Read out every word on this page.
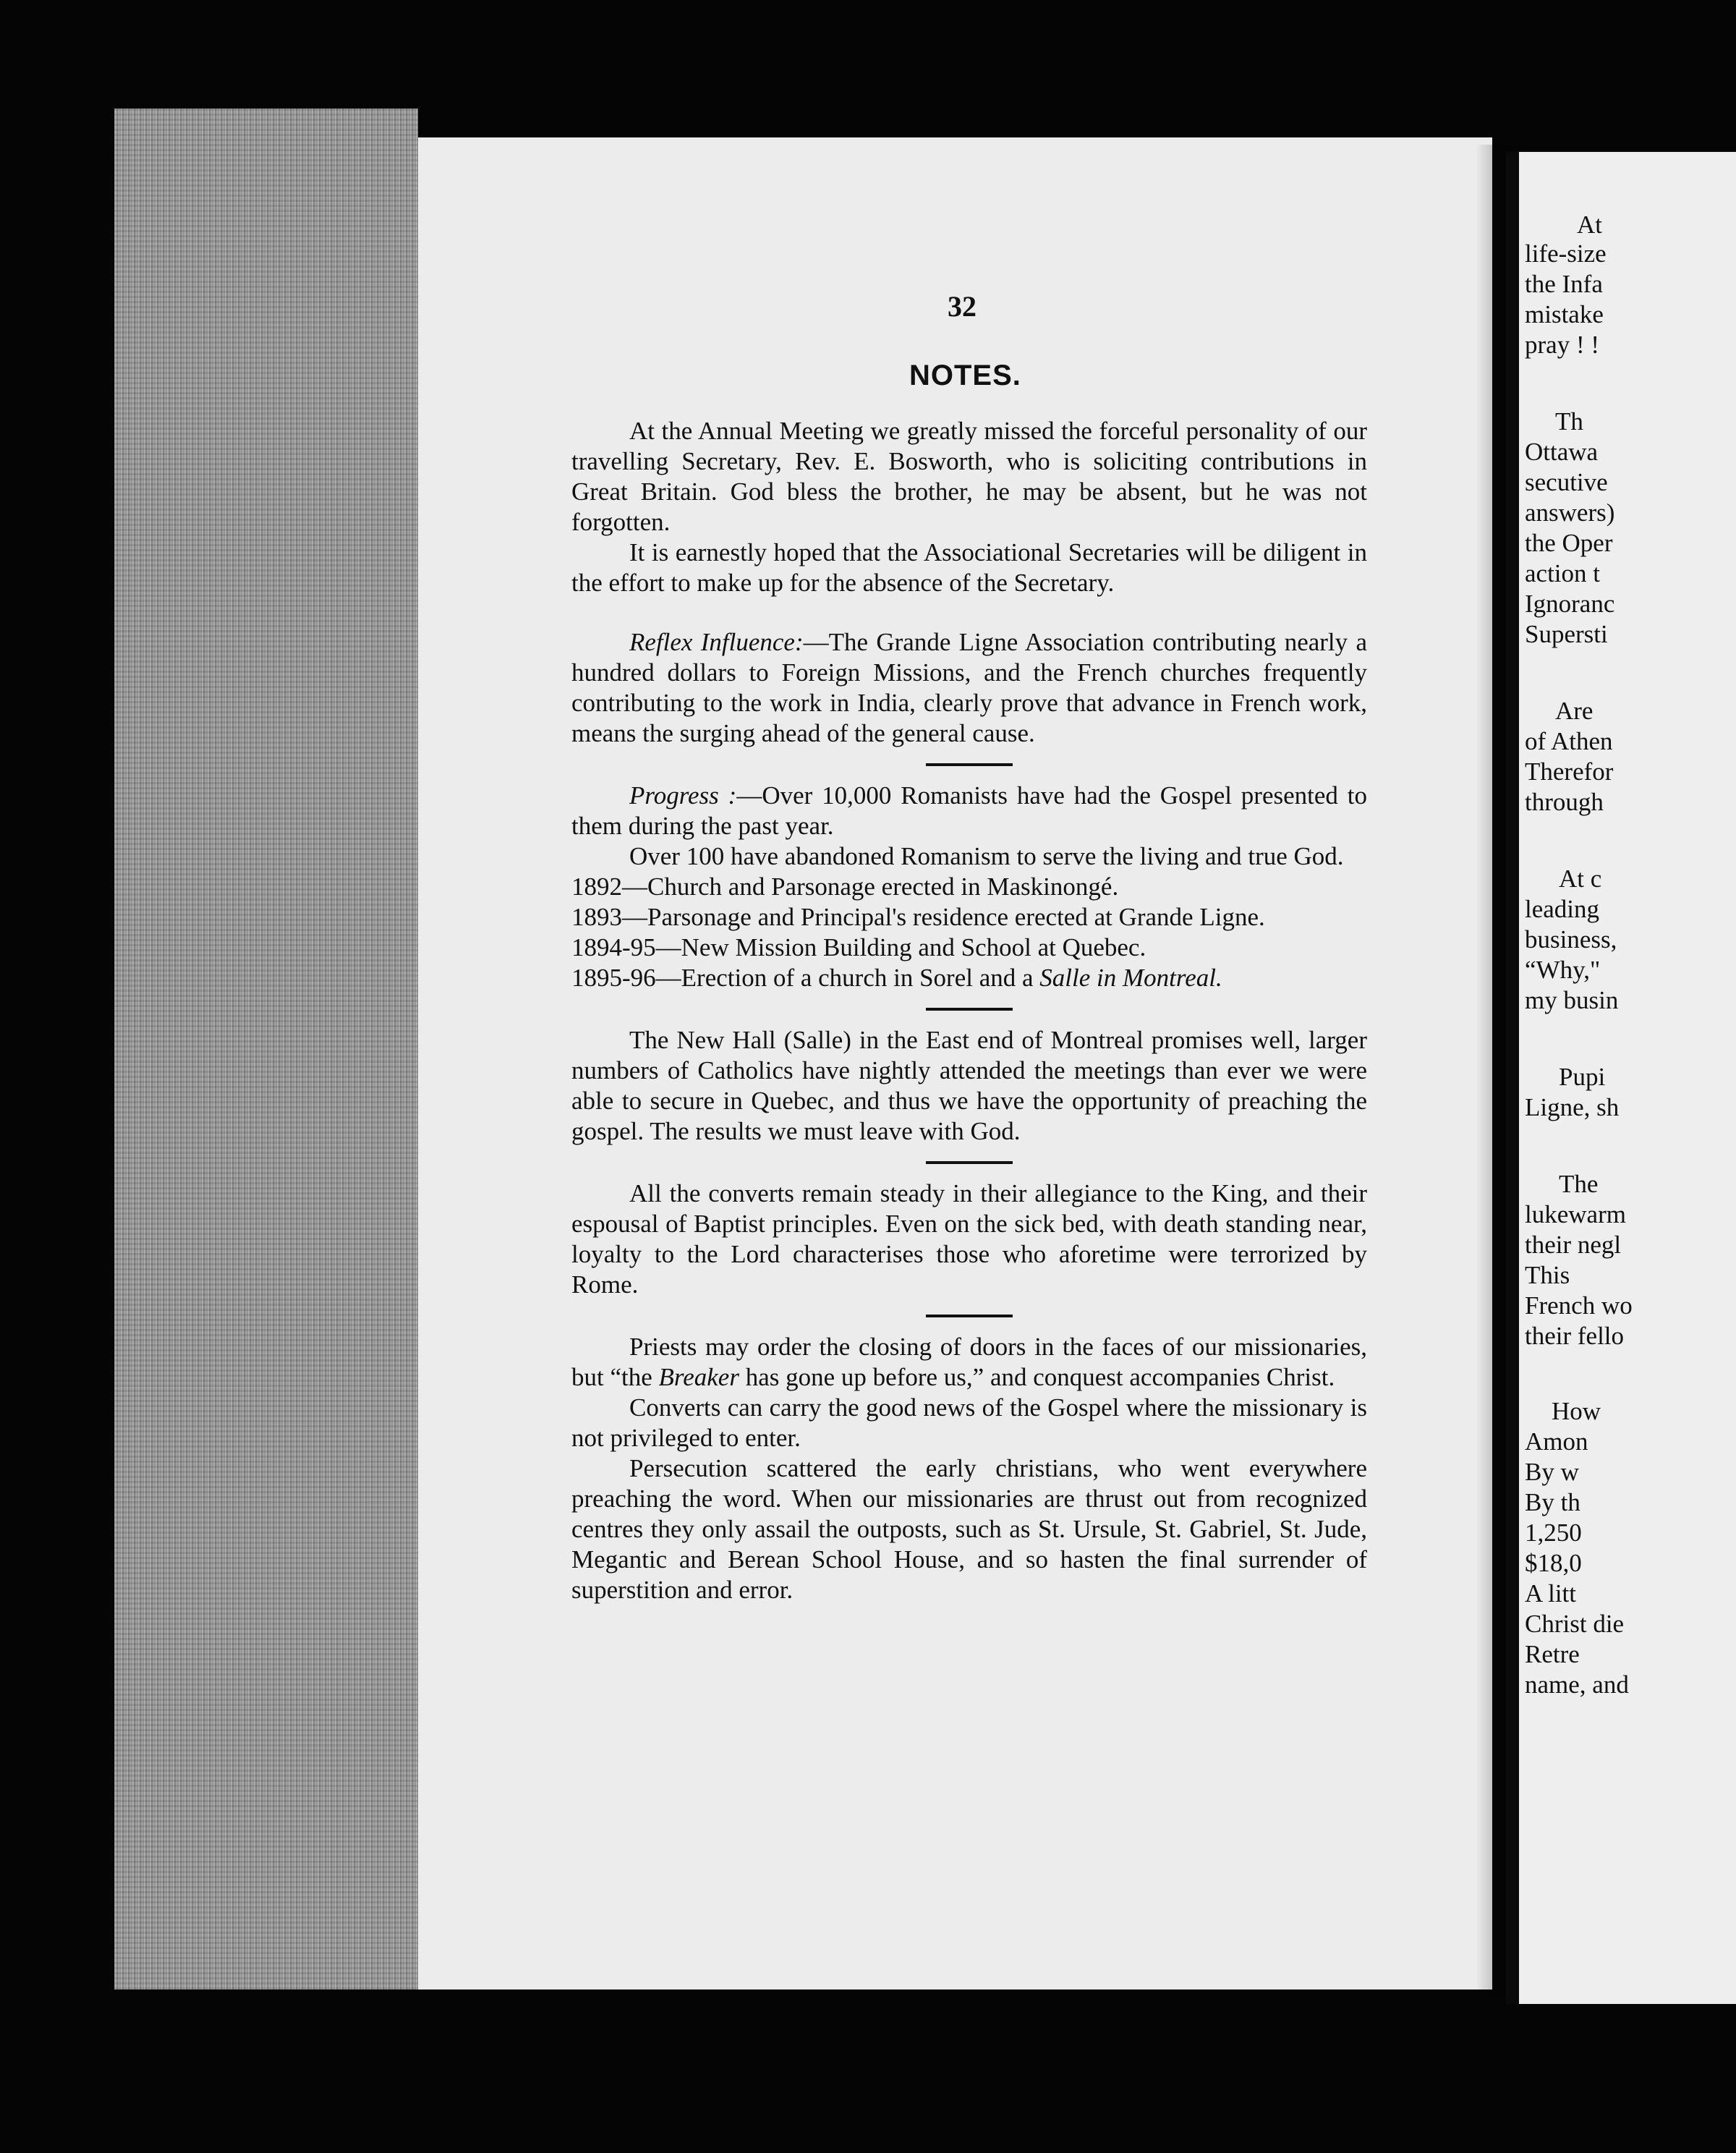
At
life-size
the Infa
mistake
pray ! !
Th
Ottawa
secutive
answers)
the Oper
action t
Ignoranc
Supersti
Are
of Athen
Therefor
through
At c
leading
business,
“Why,"
my busin
Pupi
Ligne, sh
The
lukewarm
their negl
This
French wo
their fello
How
Amon
By w
By th
1,250
$18,0
A litt
Christ die
Retre
name, and
32
NOTES.

At the Annual Meeting we greatly missed the forceful personality of our travelling Secretary, Rev. E. Bosworth, who is soliciting contributions in Great Britain. God bless the brother, he may be absent, but he was not forgotten.

It is earnestly hoped that the Associational Secretaries will be diligent in the effort to make up for the absence of the Secretary.

Reflex Influence:—The Grande Ligne Association contributing nearly a hundred dollars to Foreign Missions, and the French churches frequently contributing to the work in India, clearly prove that advance in French work, means the surging ahead of the general cause.

Progress :—Over 10,000 Romanists have had the Gospel presented to them during the past year.

Over 100 have abandoned Romanism to serve the living and true God.

1892—Church and Parsonage erected in Maskinongé.

1893—Parsonage and Principal's residence erected at Grande Ligne.

1894-95—New Mission Building and School at Quebec.

1895-96—Erection of a church in Sorel and a Salle in Montreal.

The New Hall (Salle) in the East end of Montreal promises well, larger numbers of Catholics have nightly attended the meetings than ever we were able to secure in Quebec, and thus we have the opportunity of preaching the gospel. The results we must leave with God.

All the converts remain steady in their allegiance to the King, and their espousal of Baptist principles. Even on the sick bed, with death standing near, loyalty to the Lord characterises those who aforetime were terrorized by Rome.

Priests may order the closing of doors in the faces of our missionaries, but “the Breaker has gone up before us,” and conquest accompanies Christ.

Converts can carry the good news of the Gospel where the missionary is not privileged to enter.

Persecution scattered the early christians, who went everywhere preaching the word. When our missionaries are thrust out from recognized centres they only assail the outposts, such as St. Ursule, St. Gabriel, St. Jude, Megantic and Berean School House, and so hasten the final surrender of superstition and error.
